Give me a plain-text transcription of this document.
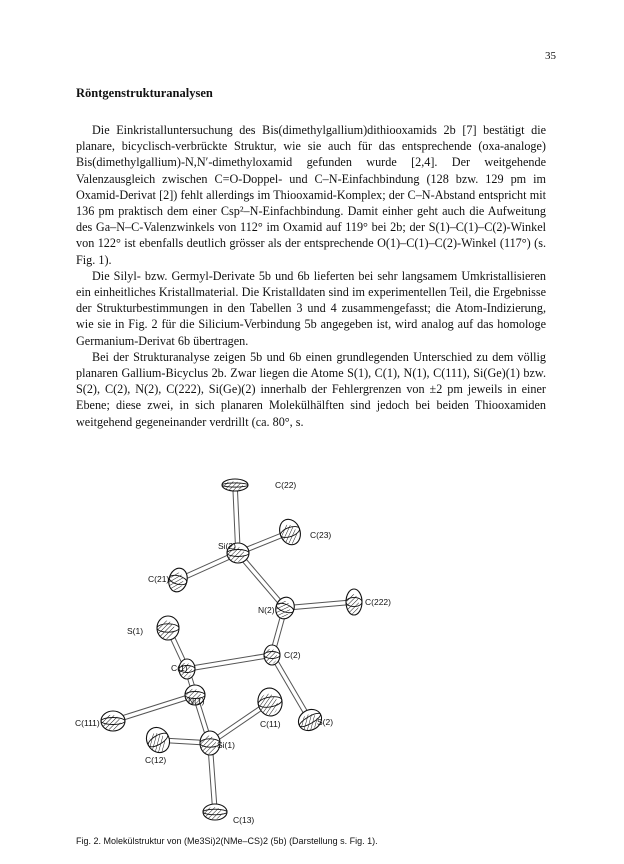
35
Röntgenstrukturanalysen

Die Einkristalluntersuchung des Bis(dimethylgallium)dithiooxamids 2b [7] bestätigt die planare, bicyclisch-verbrückte Struktur, wie sie auch für das entsprechende (oxa-analoge) Bis(dimethylgallium)-N,N′-dimethyloxamid gefunden wurde [2,4]. Der weitgehende Valenzausgleich zwischen C=O-Doppel- und C–N-Einfachbindung (128 bzw. 129 pm im Oxamid-Derivat [2]) fehlt allerdings im Thiooxamid-Komplex; der C–N-Abstand entspricht mit 136 pm praktisch dem einer Csp²–N-Einfachbindung. Damit einher geht auch die Aufweitung des Ga–N–C-Valenzwinkels von 112° im Oxamid auf 119° bei 2b; der S(1)–C(1)–C(2)-Winkel von 122° ist ebenfalls deutlich grösser als der entsprechende O(1)–C(1)–C(2)-Winkel (117°) (s. Fig. 1).

Die Silyl- bzw. Germyl-Derivate 5b und 6b lieferten bei sehr langsamem Umkristallisieren ein einheitliches Kristallmaterial. Die Kristalldaten sind im experimentellen Teil, die Ergebnisse der Strukturbestimmungen in den Tabellen 3 und 4 zusammengefasst; die Atom-Indizierung, wie sie in Fig. 2 für die Silicium-Verbindung 5b angegeben ist, wird analog auf das homologe Germanium-Derivat 6b übertragen.

Bei der Strukturanalyse zeigen 5b und 6b einen grundlegenden Unterschied zu dem völlig planaren Gallium-Bicyclus 2b. Zwar liegen die Atome S(1), C(1), N(1), C(111), Si(Ge)(1) bzw. S(2), C(2), N(2), C(222), Si(Ge)(2) innerhalb der Fehlergrenzen von ±2 pm jeweils in einer Ebene; diese zwei, in sich planaren Molekülhälften sind jedoch bei beiden Thiooxamiden weitgehend gegeneinander verdrillt (ca. 80°, s.

C(22)
Si(2)
C(23)
C(21)
C(222)
N(2)
S(1)
C(2)
C(1)
N(1)
C(111)	C(11)	S(2)
Si(1)
C(12)
C(13)
Fig. 2. Molekülstruktur von (Me3Si)2(NMe–CS)2 (5b) (Darstellung s. Fig. 1).
